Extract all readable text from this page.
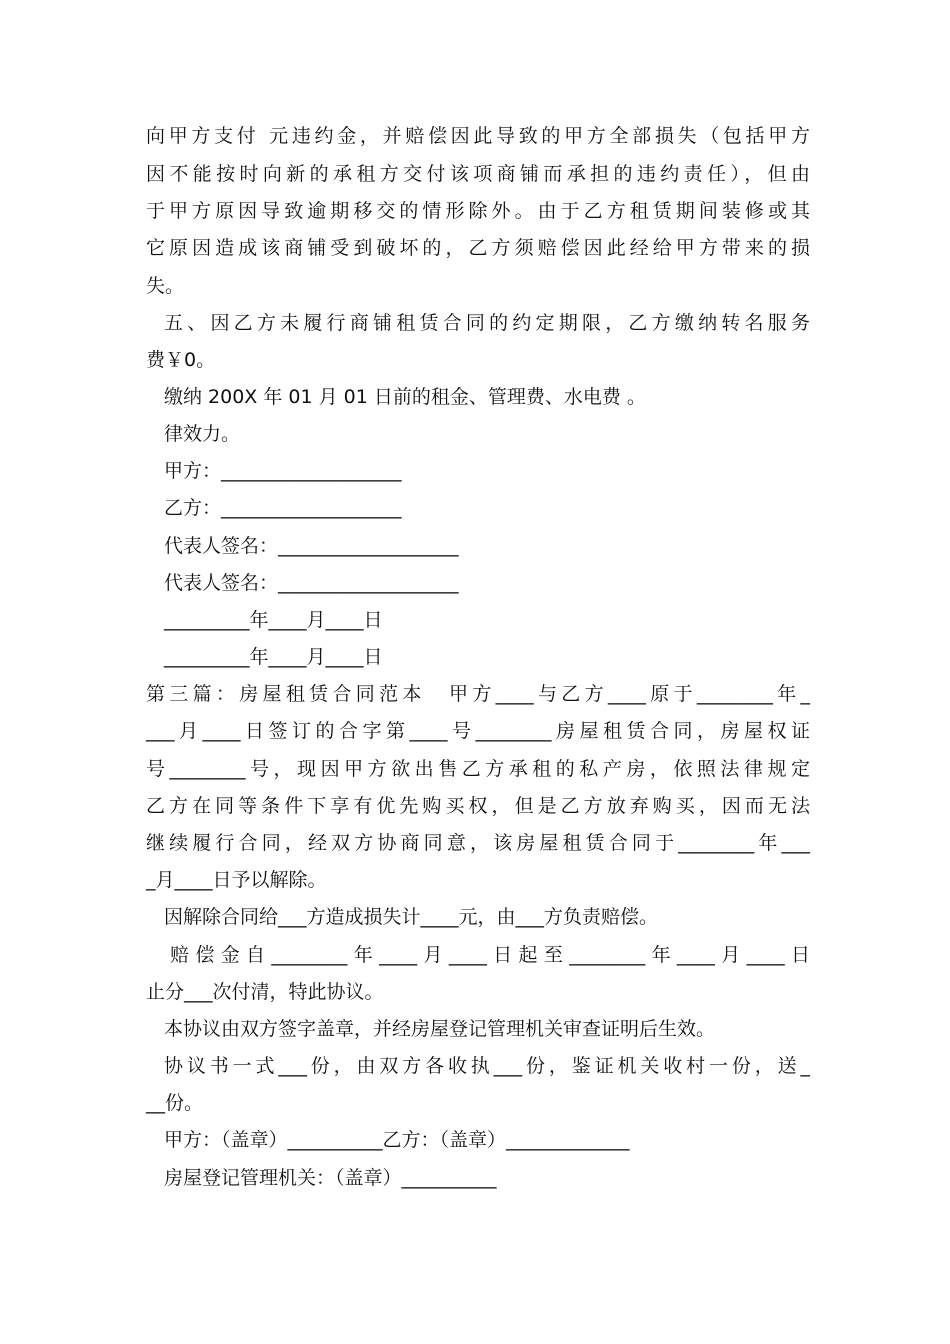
向甲方支付 元违约金，并赔偿因此导致的甲方全部损失（包括甲方
因不能按时向新的承租方交付该项商铺而承担的违约责任），但由
于甲方原因导致逾期移交的情形除外。由于乙方租赁期间装修或其
它原因造成该商铺受到破坏的，乙方须赔偿因此经给甲方带来的损
失。
五、因乙方未履行商铺租赁合同的约定期限，乙方缴纳转名服务
费￥0。
缴纳 200X 年 01 月 01 日前的租金、管理费、水电费 。
律效力。
甲方：___________________
乙方：___________________
代表人签名：___________________
代表人签名：___________________
_________年____月____日
_________年____月____日
第三篇：房屋租赁合同范本　甲方____与乙方____原于________年_
___月____日签订的合字第____号________房屋租赁合同，房屋权证
号________号，现因甲方欲出售乙方承租的私产房，依照法律规定
乙方在同等条件下享有优先购买权，但是乙方放弃购买，因而无法
继续履行合同，经双方协商同意，该房屋租赁合同于________年___
_月____日予以解除。
因解除合同给___方造成损失计____元，由___方负责赔偿。
赔偿金自________年____月____日起至________年____月____日
止分___次付清，特此协议。
本协议由双方签字盖章，并经房屋登记管理机关审查证明后生效。
协议书一式___份，由双方各收执___份，鉴证机关收村一份，送_
__份。
甲方：（盖章）__________乙方：（盖章）_____________
房屋登记管理机关：（盖章）__________
